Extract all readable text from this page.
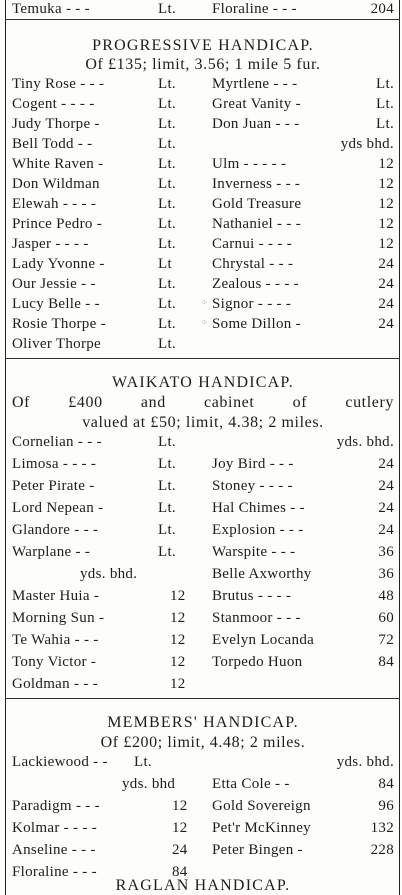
Temuka - - -	Lt. Floraline - - -	204
PROGRESSIVE HANDICAP.
Of £135; limit, 3.56; 1 mile 5 fur.
Tiny Rose - - -	Lt. Myrtlene - - -	Lt.
Cogent - - - -	Lt. Great Vanity -	Lt.
Judy Thorpe -	Lt. Don Juan - - -	Lt.
Bell Todd - -	Lt.	yds bhd.
White Raven -	Lt. Ulm - - - - -	12
Don Wildman	Lt. Inverness - - -	12
Elewah - - - -	Lt. Gold Treasure	12
Prince Pedro -	Lt. Nathaniel - - -	12
Jasper - - - -	Lt. Carnui - - - -	12
Lady Yvonne -	Lt	Chrystal - - -	24
Our Jessie - -	Lt. Zealous - - - -	24
Lucy Belle - -	Lt. Signor - - - -	24
Rosie Thorpe -	Lt. Some Dillon -	24
Oliver Thorpe	Lt.
⁘
⁘
WAIKATO HANDICAP.
Of £400 and cabinet of cutlery
valued at £50; limit, 4.38; 2 miles.
Cornelian - - -	Lt.	yds. bhd.
Limosa - - - -	Lt. Joy Bird - - -	24
Peter Pirate -	Lt. Stoney - - - -	24
Lord Nepean -	Lt. Hal Chimes - -	24
Glandore - - -	Lt. Explosion - - -	24
Warplane - -	Lt. Warspite - - -	36
yds. bhd.	Belle Axworthy	36
Master Huia -	12 Brutus - - - -	48
Morning Sun -	12 Stanmoor - - -	60
Te Wahia - - -	12 Evelyn Locanda	72
Tony Victor -	12 Torpedo Huon	84
Goldman - - -	12
MEMBERS' HANDICAP.
Of £200; limit, 4.48; 2 miles.
Lackiewood - - Lt.	yds. bhd.
yds. bhd Etta Cole - -	84
Paradigm - - -	12 Gold Sovereign	96
Kolmar - - - -	12 Pet'r McKinney	132
Anseline - - -	24 Peter Bingen -	228
Floraline - - -	84
RAGLAN HANDICAP.
